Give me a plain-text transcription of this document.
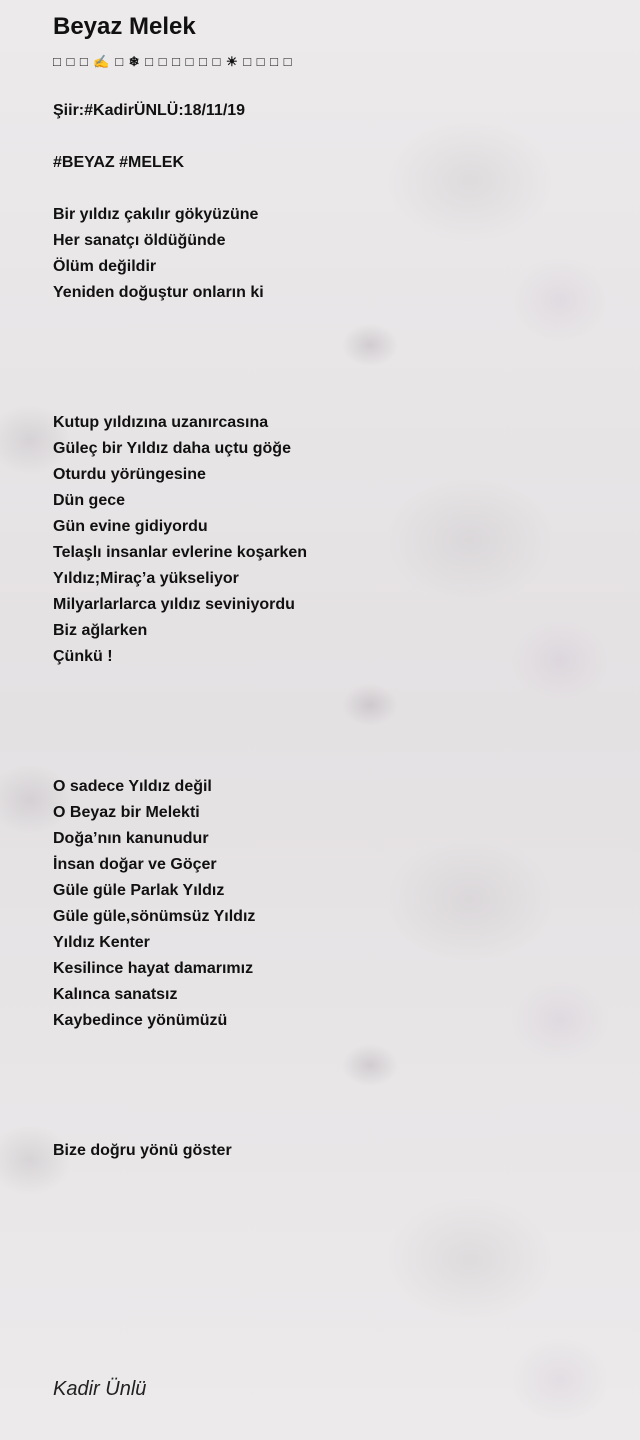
Beyaz Melek
□ □ □ ✍ □ ❄ □ □ □ □ □ □ ☀ □ □ □ □
Şiir:#KadirÜNLÜ:18/11/19
#BEYAZ #MELEK
Bir yıldız çakılır gökyüzüne
Her sanatçı öldüğünde
Ölüm değildir
Yeniden doğuştur onların ki
Kutup yıldızına uzanırcasına
Güleç bir Yıldız daha uçtu göğe
Oturdu yörüngesine
Dün gece
Gün evine gidiyordu
Telaşlı insanlar evlerine koşarken
Yıldız;Miraç’a yükseliyor
Milyarlarlarca yıldız seviniyordu
Biz ağlarken
Çünkü !
O sadece Yıldız değil
O Beyaz bir Melekti
Doğa’nın kanunudur
İnsan doğar ve Göçer
Güle güle Parlak Yıldız
Güle güle,sönümsüz Yıldız
Yıldız Kenter
Kesilince hayat damarımız
Kalınca sanatsız
Kaybedince yönümüzü
Bize doğru yönü göster
Kadir Ünlü
